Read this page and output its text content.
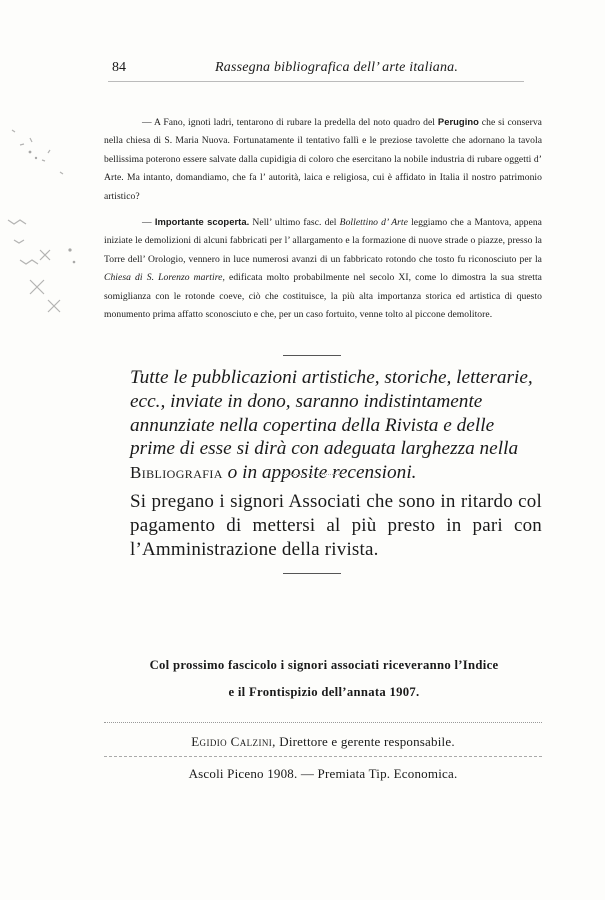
84	Rassegna bibliografica dell’ arte italiana.
— A Fano, ignoti ladri, tentarono di rubare la predella del noto quadro del Perugino che si conserva nella chiesa di S. Maria Nuova. Fortunatamente il tentativo fallì e le preziose tavolette che adornano la tavola bellissima poterono essere salvate dalla cupidigia di coloro che esercitano la nobile industria di rubare oggetti d’ Arte. Ma intanto, domandiamo, che fa l’ autorità, laica e religiosa, cui è affidato in Italia il nostro patrimonio artistico?
— Importante scoperta. Nell’ ultimo fasc. del Bollettino d’ Arte leggiamo che a Mantova, appena iniziate le demolizioni di alcuni fabbricati per l’ allargamento e la formazione di nuove strade o piazze, presso la Torre dell’ Orologio, vennero in luce numerosi avanzi di un fabbricato rotondo che tosto fu riconosciuto per la Chiesa di S. Lorenzo martire, edificata molto probabilmente nel secolo XI, come lo dimostra la sua stretta somiglianza con le rotonde coeve, ciò che costituisce, la più alta importanza storica ed artistica di questo monumento prima affatto sconosciuto e che, per un caso fortuito, venne tolto al piccone demolitore.
Tutte le pubblicazioni artistiche, storiche, letterarie, ecc., inviate in dono, saranno indistintamente annunziate nella copertina della Rivista e delle prime di esse si dirà con adeguata larghezza nella Bibliografia o in apposite recensioni.
Si pregano i signori Associati che sono in ritardo col pagamento di mettersi al più presto in pari con l’Amministrazione della rivista.
Col prossimo fascicolo i signori associati riceveranno l’Indice
e il Frontispizio dell’annata 1907.
Egidio Calzini, Direttore e gerente responsabile.
Ascoli Piceno 1908. — Premiata Tip. Economica.
